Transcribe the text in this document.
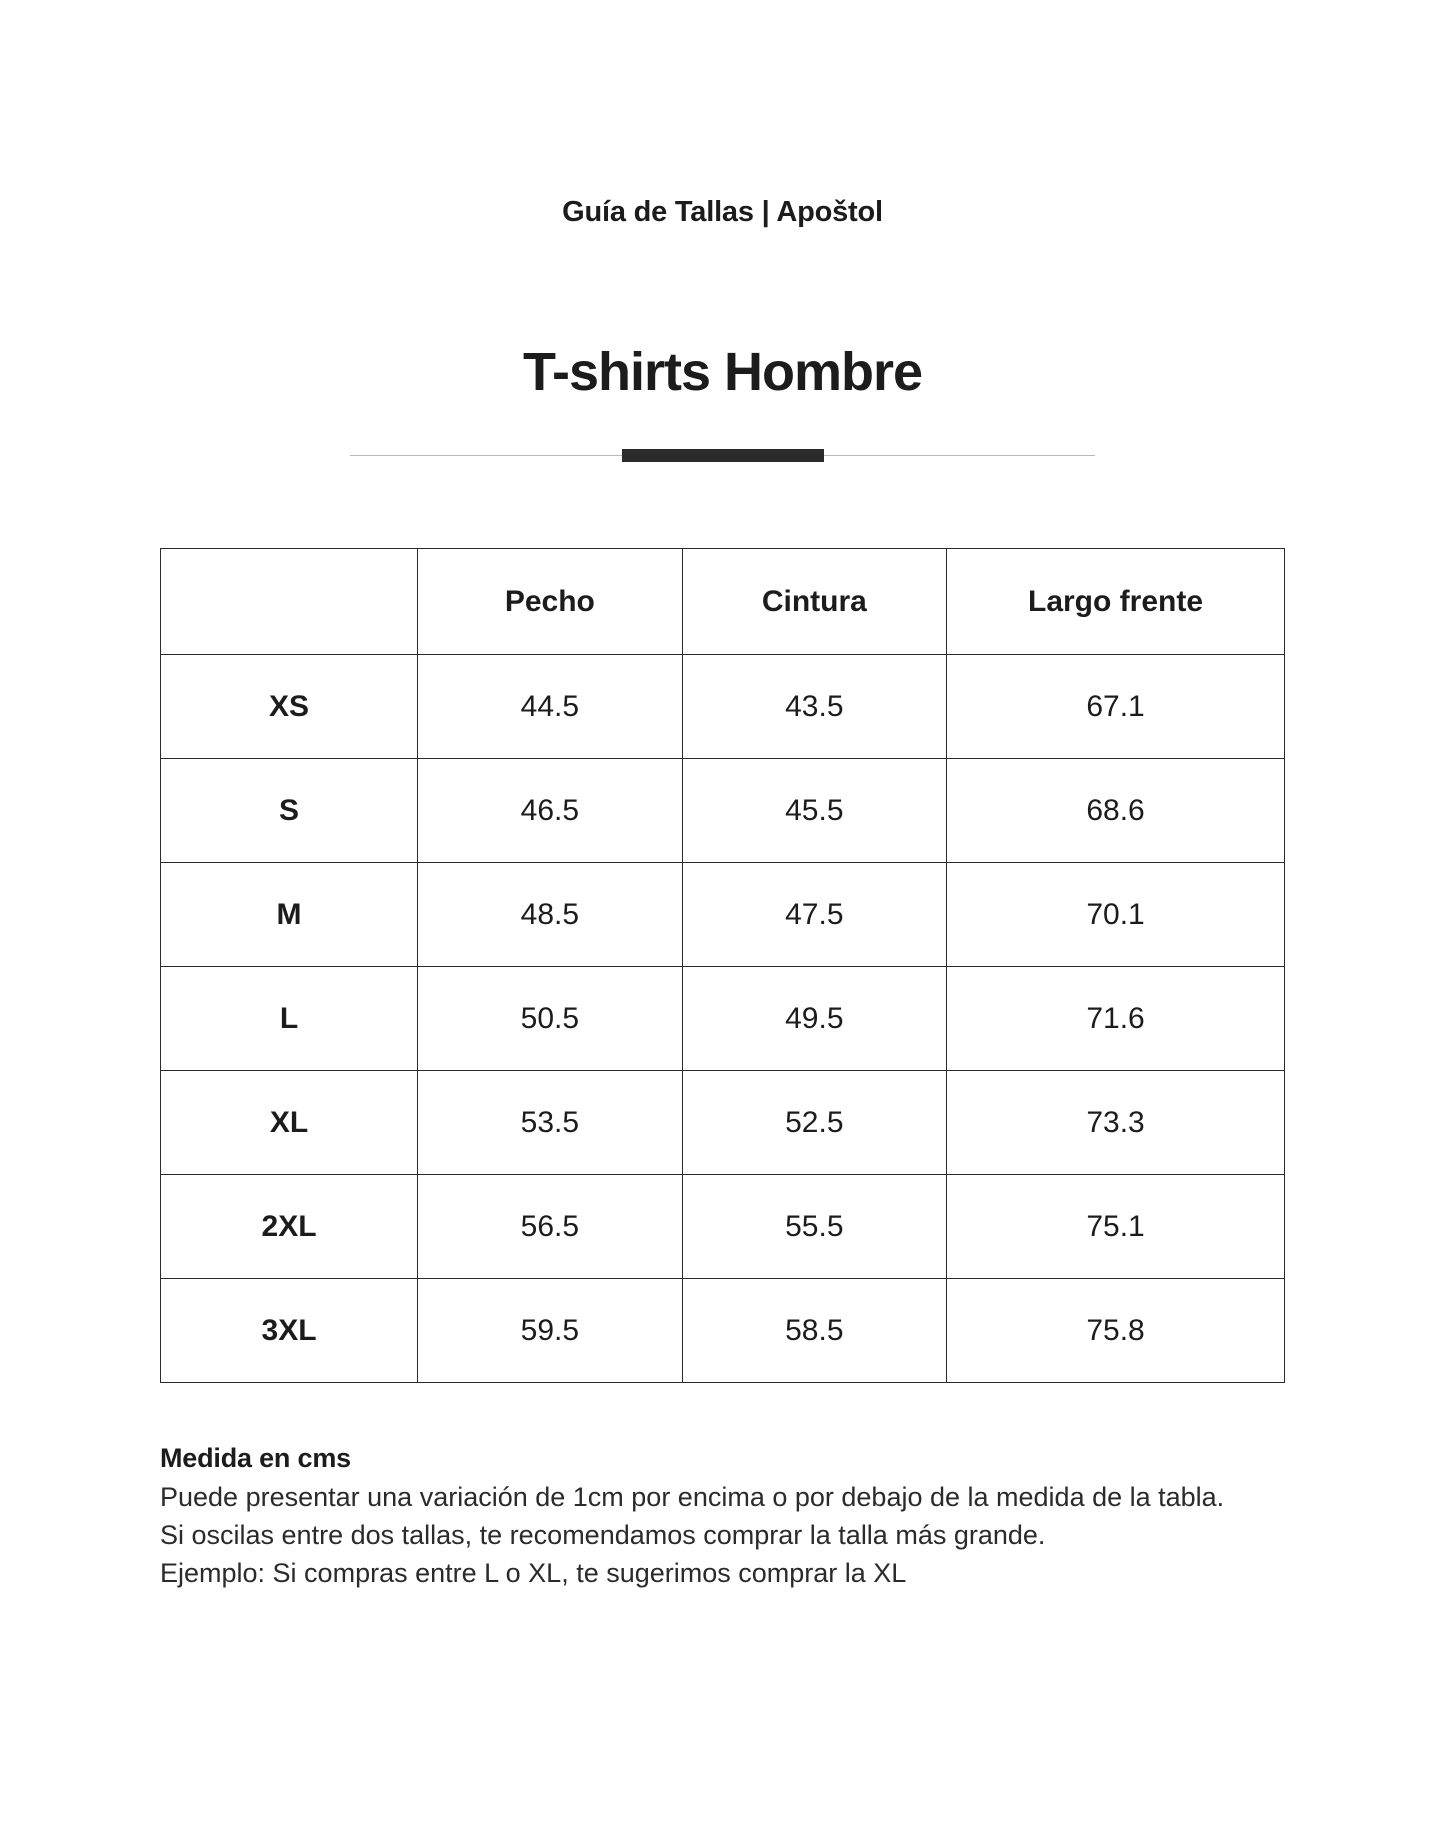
Guía de Tallas | Apoštol
T-shirts Hombre
	Pecho	Cintura	Largo frente
XS	44.5	43.5	67.1
S	46.5	45.5	68.6
M	48.5	47.5	70.1
L	50.5	49.5	71.6
XL	53.5	52.5	73.3
2XL	56.5	55.5	75.1
3XL	59.5	58.5	75.8
Medida en cms

Puede presentar una variación de 1cm por encima o por debajo de la medida de la tabla.

Si oscilas entre dos tallas, te recomendamos comprar la talla más grande.

Ejemplo: Si compras entre L o XL, te sugerimos comprar la XL
